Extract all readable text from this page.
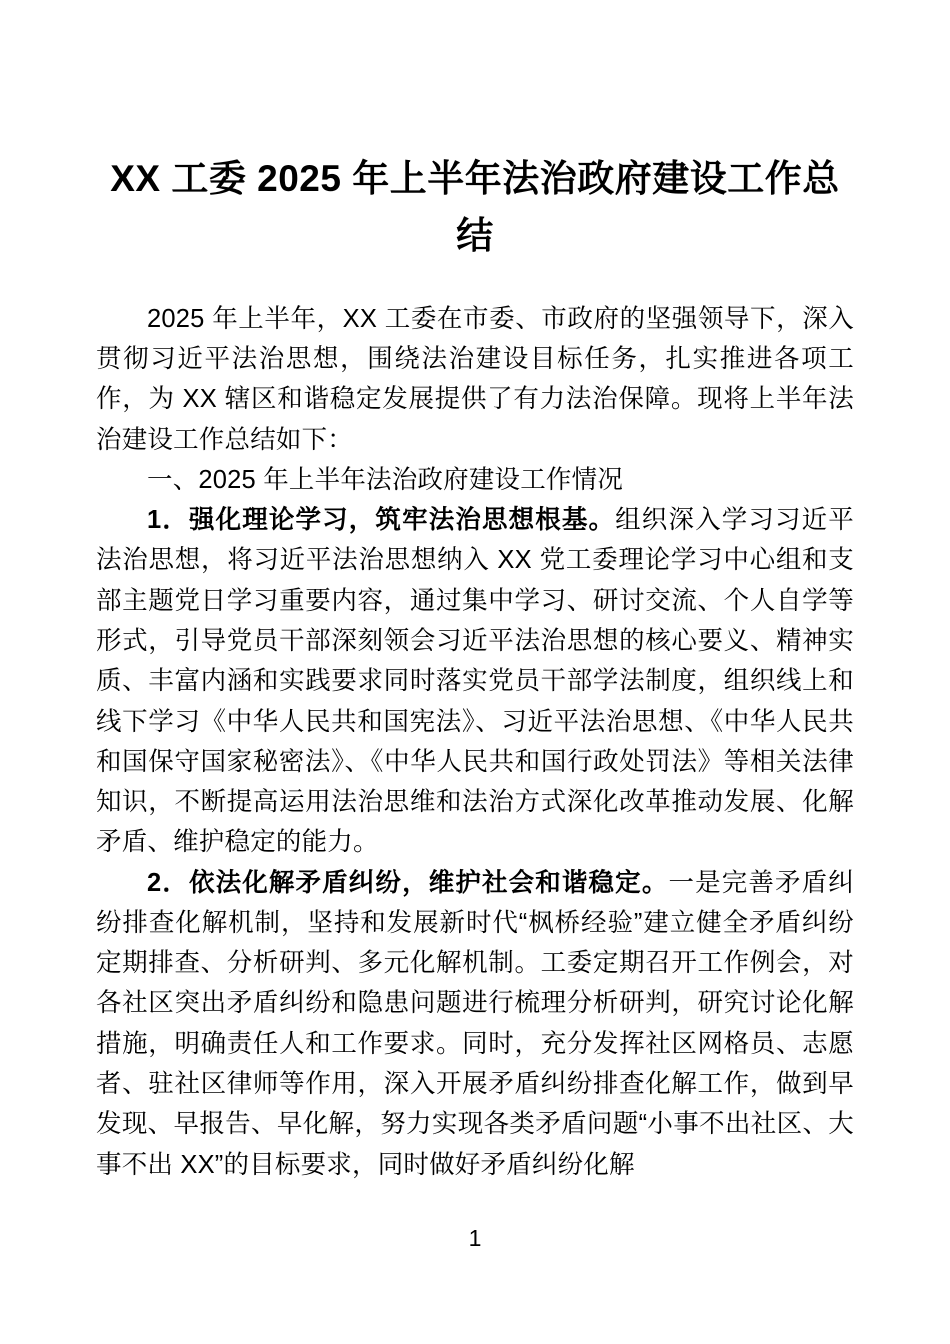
XX 工委 2025 年上半年法治政府建设工作总结

2025 年上半年，XX 工委在市委、市政府的坚强领导下，深入贯彻习近平法治思想，围绕法治建设目标任务，扎实推进各项工作，为 XX 辖区和谐稳定发展提供了有力法治保障。现将上半年法治建设工作总结如下：

一、2025 年上半年法治政府建设工作情况

1．强化理论学习，筑牢法治思想根基。组织深入学习习近平法治思想，将习近平法治思想纳入 XX 党工委理论学习中心组和支部主题党日学习重要内容，通过集中学习、研讨交流、个人自学等形式，引导党员干部深刻领会习近平法治思想的核心要义、精神实质、丰富内涵和实践要求同时落实党员干部学法制度，组织线上和线下学习《中华人民共和国宪法》、习近平法治思想、《中华人民共和国保守国家秘密法》、《中华人民共和国行政处罚法》等相关法律知识，不断提高运用法治思维和法治方式深化改革推动发展、化解矛盾、维护稳定的能力。

2．依法化解矛盾纠纷，维护社会和谐稳定。一是完善矛盾纠纷排查化解机制，坚持和发展新时代“枫桥经验”建立健全矛盾纠纷定期排查、分析研判、多元化解机制。工委定期召开工作例会，对各社区突出矛盾纠纷和隐患问题进行梳理分析研判，研究讨论化解措施，明确责任人和工作要求。同时，充分发挥社区网格员、志愿者、驻社区律师等作用，深入开展矛盾纠纷排查化解工作，做到早发现、早报告、早化解，努力实现各类矛盾问题“小事不出社区、大事不出 XX”的目标要求，同时做好矛盾纠纷化解

1
